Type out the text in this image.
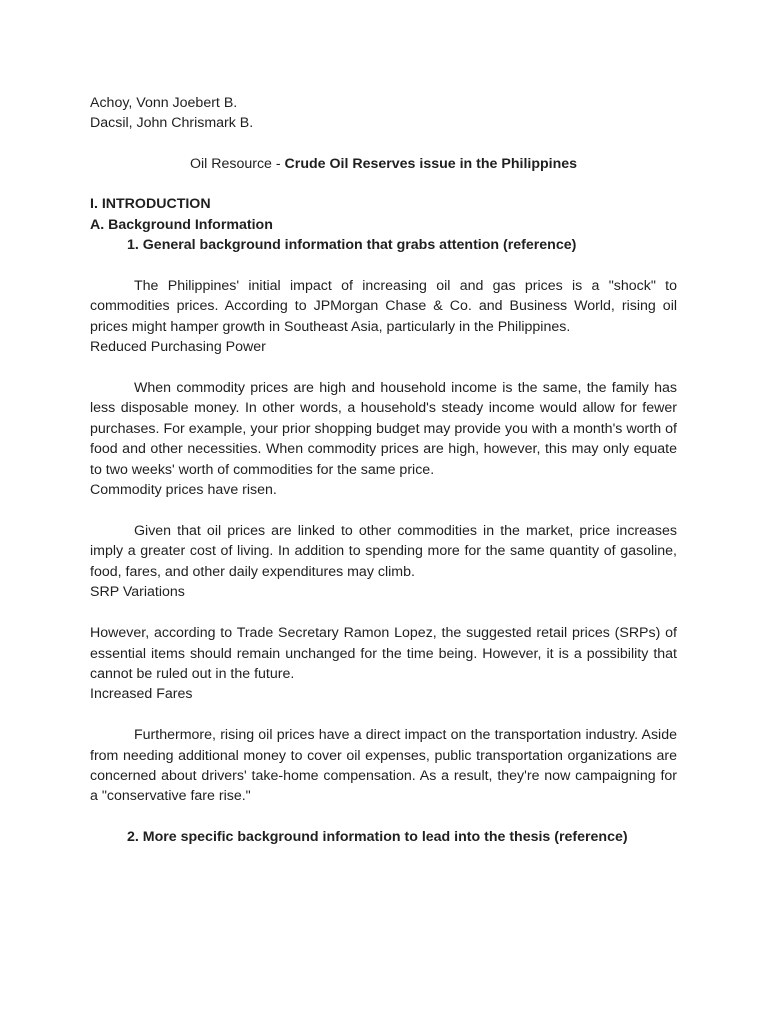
Achoy, Vonn Joebert B.

Dacsil, John Chrismark B.

Oil Resource - Crude Oil Reserves issue in the Philippines

I. INTRODUCTION

A. Background Information

1. General background information that grabs attention (reference)

The Philippines' initial impact of increasing oil and gas prices is a "shock" to commodities prices. According to JPMorgan Chase & Co. and Business World, rising oil prices might hamper growth in Southeast Asia, particularly in the Philippines.

Reduced Purchasing Power

When commodity prices are high and household income is the same, the family has less disposable money. In other words, a household's steady income would allow for fewer purchases. For example, your prior shopping budget may provide you with a month's worth of food and other necessities. When commodity prices are high, however, this may only equate to two weeks' worth of commodities for the same price.

Commodity prices have risen.

Given that oil prices are linked to other commodities in the market, price increases imply a greater cost of living. In addition to spending more for the same quantity of gasoline, food, fares, and other daily expenditures may climb.

SRP Variations

However, according to Trade Secretary Ramon Lopez, the suggested retail prices (SRPs) of essential items should remain unchanged for the time being. However, it is a possibility that cannot be ruled out in the future.

Increased Fares

Furthermore, rising oil prices have a direct impact on the transportation industry. Aside from needing additional money to cover oil expenses, public transportation organizations are concerned about drivers' take-home compensation. As a result, they're now campaigning for a "conservative fare rise."

2. More specific background information to lead into the thesis (reference)
